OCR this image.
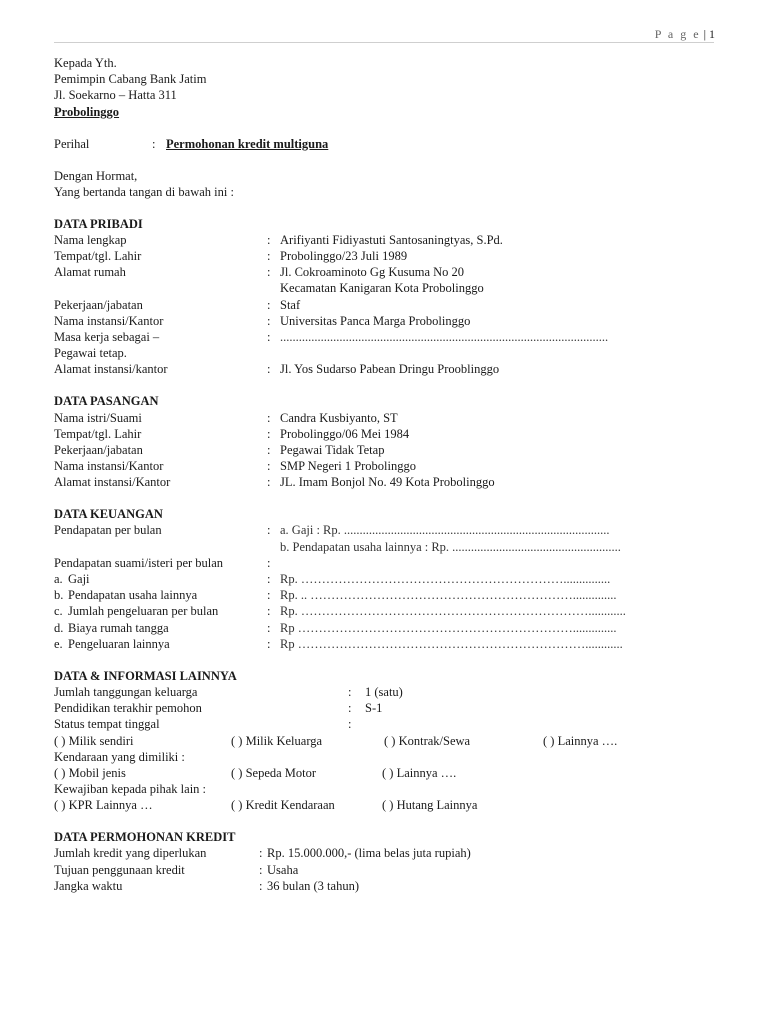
P a g e | 1
Kepada Yth.
Pemimpin Cabang Bank Jatim
Jl. Soekarno – Hatta 311
Probolinggo
Perihal	: Permohonan kredit multiguna
Dengan Hormat,
Yang bertanda tangan di bawah ini :
DATA PRIBADI
Nama lengkap	: Arifiyanti Fidiyastuti Santosaningtyas, S.Pd.
Tempat/tgl. Lahir	: Probolinggo/23 Juli 1989
Alamat rumah	: Jl. Cokroaminoto Gg Kusuma No 20
Kecamatan Kanigaran Kota Probolinggo
Pekerjaan/jabatan	: Staf
Nama instansi/Kantor	: Universitas Panca Marga Probolinggo
Masa kerja sebagai –	: .........................................................................................................
Pegawai tetap.
Alamat instansi/kantor	: Jl. Yos Sudarso Pabean Dringu Prooblinggo
DATA PASANGAN
Nama istri/Suami	: Candra Kusbiyanto, ST
Tempat/tgl. Lahir	: Probolinggo/06 Mei 1984
Pekerjaan/jabatan	: Pegawai Tidak Tetap
Nama instansi/Kantor	: SMP Negeri 1 Probolinggo
Alamat instansi/Kantor	: JL. Imam Bonjol No. 49 Kota Probolinggo
DATA KEUANGAN
Pendapatan per bulan	: a. Gaji : Rp. .....................................................................................
b. Pendapatan usaha lainnya : Rp. ......................................................
Pendapatan suami/isteri per bulan	:
a. Gaji	: Rp. ………………………………………………………...............
b. Pendapatan usaha lainnya	: Rp. .. ………………………………………………………..............
c. Jumlah pengeluaran per bulan	: Rp. ……………………………………………………………............
d. Biaya rumah tangga	: Rp …………………………………………………………..............
e. Pengeluaran lainnya	: Rp ……………………………………………………………............
DATA & INFORMASI LAINNYA
Jumlah tanggungan keluarga	: 1 (satu)
Pendidikan terakhir pemohon	: S-1
Status tempat tinggal	:
( ) Milik sendiri	( ) Milik Keluarga	( ) Kontrak/Sewa	( ) Lainnya ….
Kendaraan yang dimiliki :
( ) Mobil jenis	( ) Sepeda Motor	( ) Lainnya ….
Kewajiban kepada pihak lain :
( ) KPR Lainnya …	( ) Kredit Kendaraan	( ) Hutang Lainnya
DATA PERMOHONAN KREDIT
Jumlah kredit yang diperlukan	: Rp. 15.000.000,- (lima belas juta rupiah)
Tujuan penggunaan kredit	: Usaha
Jangka waktu	: 36 bulan (3 tahun)
